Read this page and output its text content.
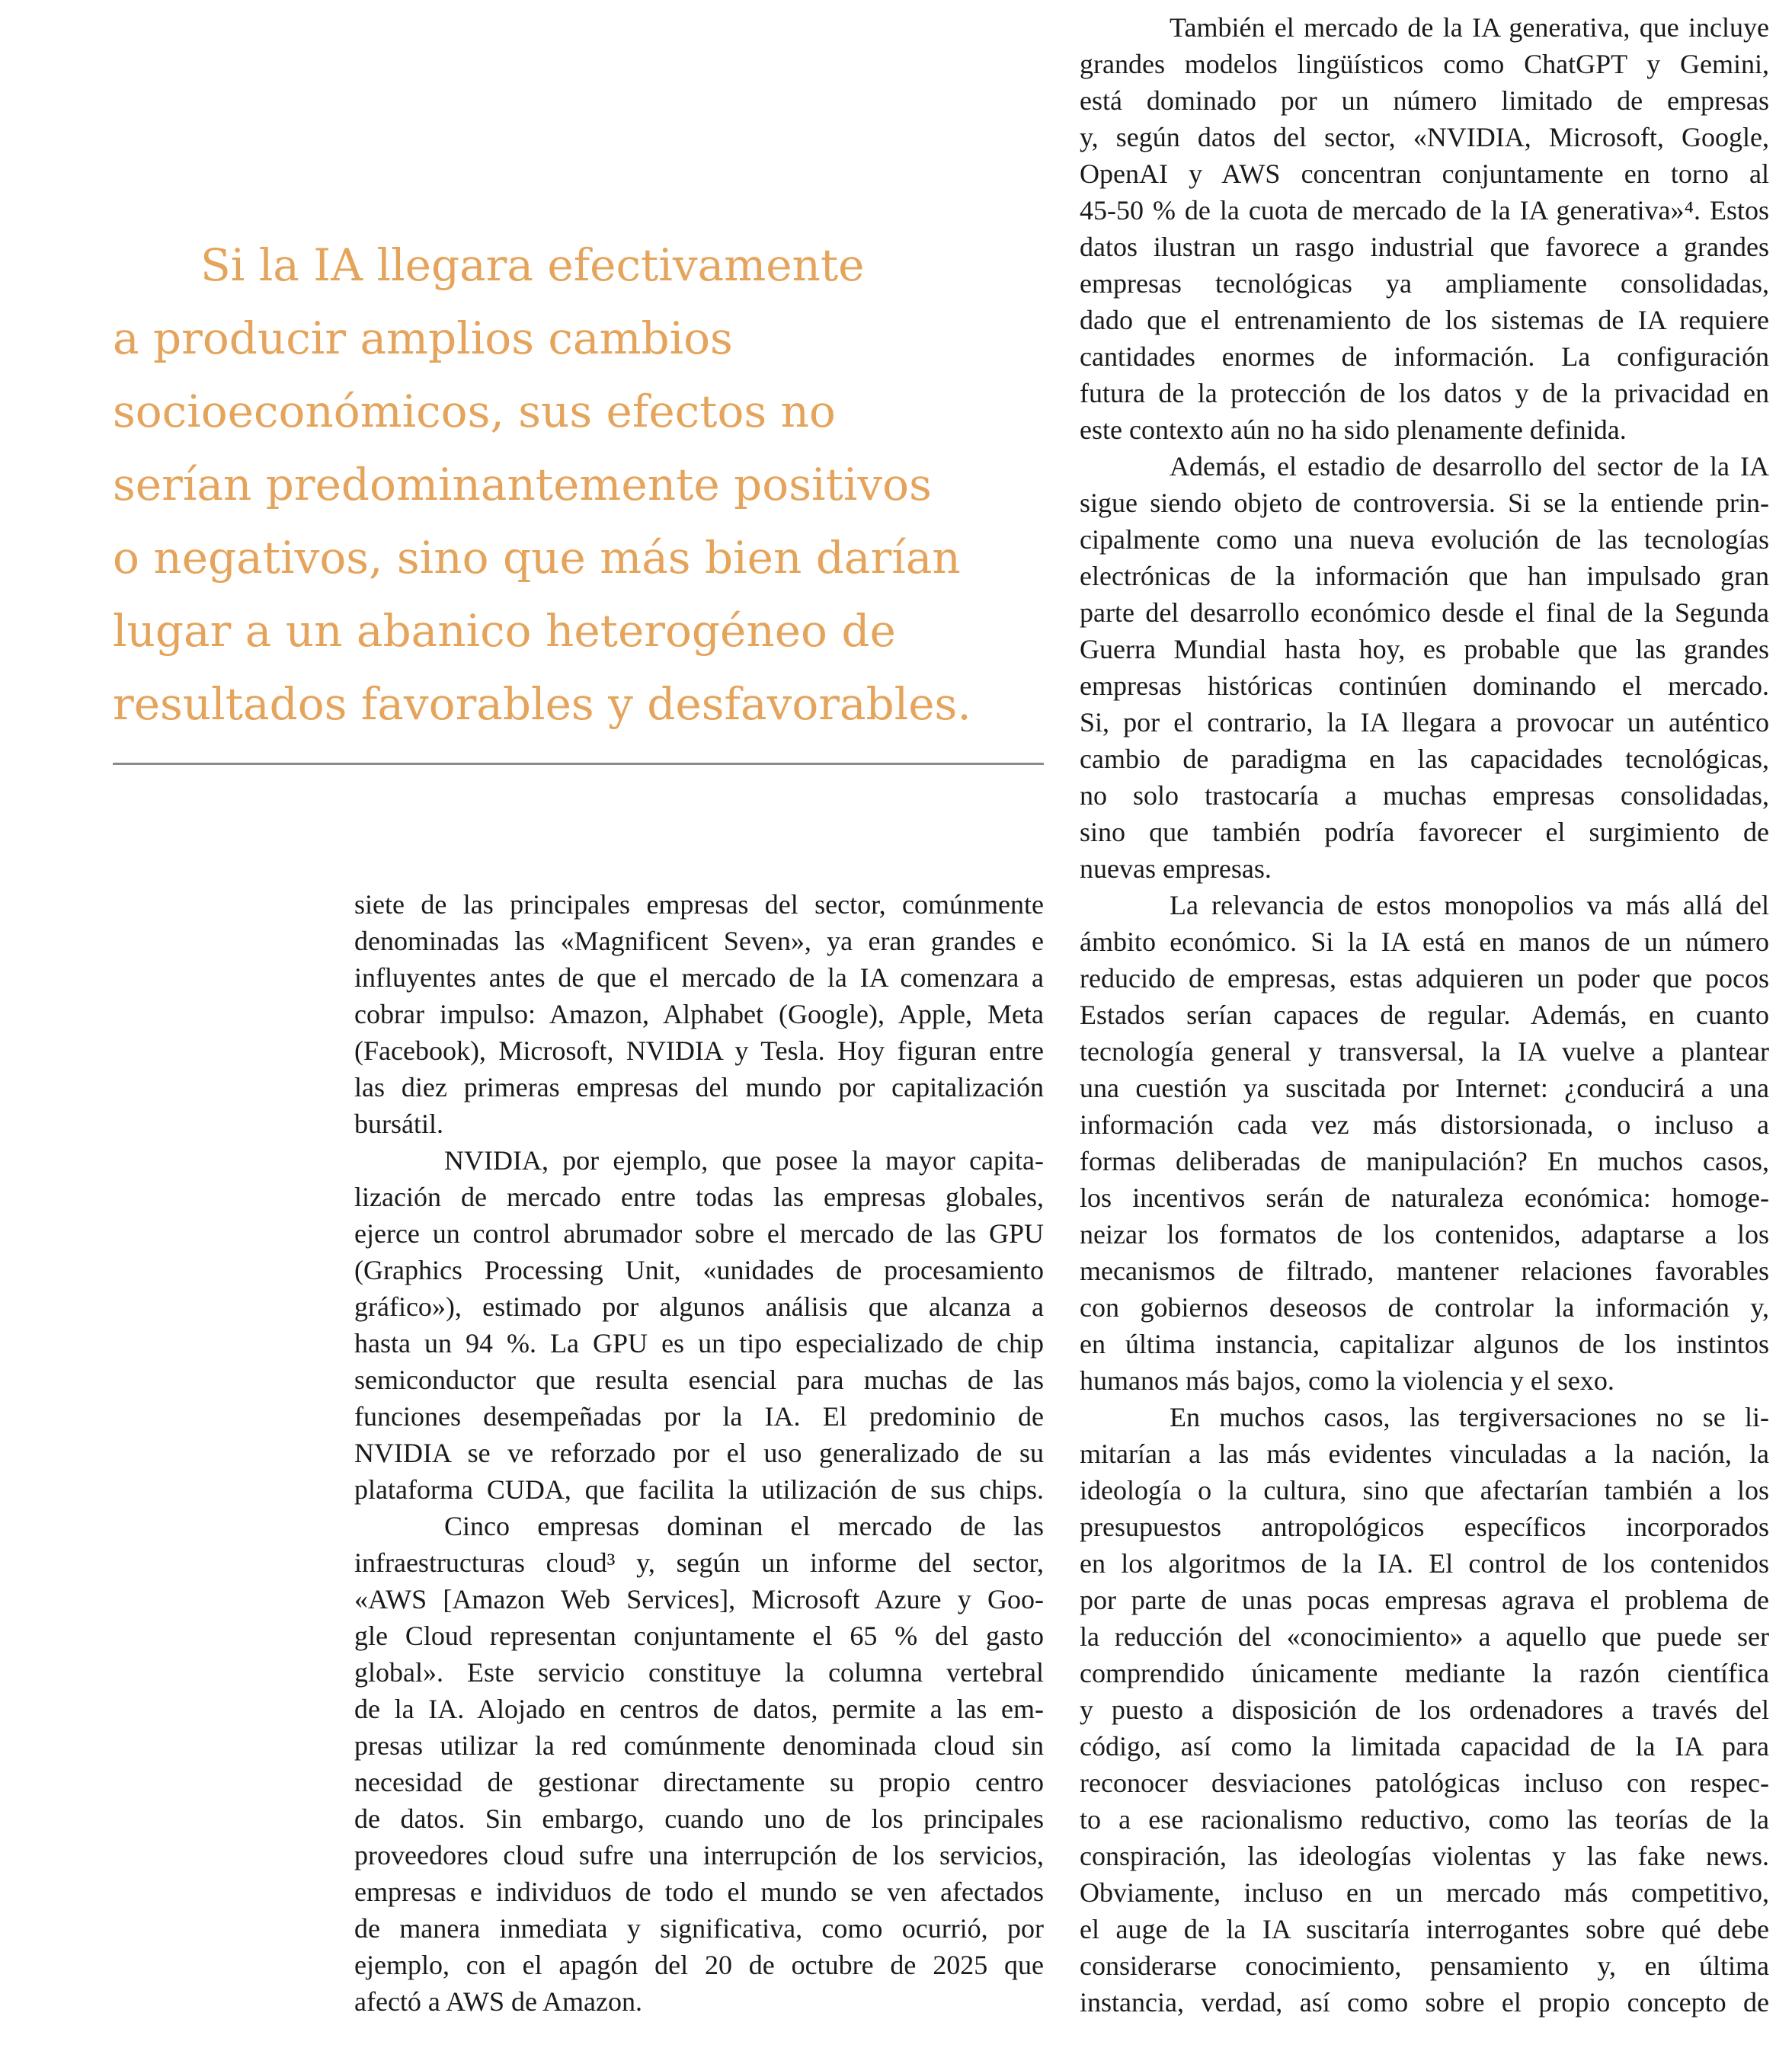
Si la IA llegara efectivamente
a producir amplios cambios
socioeconómicos, sus efectos no
serían predominantemente positivos
o negativos, sino que más bien darían
lugar a un abanico heterogéneo de
resultados favorables y desfavorables.
siete de las principales empresas del sector, comúnmente
denominadas las «Magnificent Seven», ya eran grandes e
influyentes antes de que el mercado de la IA comenzara a
cobrar impulso: Amazon, Alphabet (Google), Apple, Meta
(Facebook), Microsoft, NVIDIA y Tesla. Hoy figuran entre
las diez primeras empresas del mundo por capitalización
bursátil.
NVIDIA, por ejemplo, que posee la mayor capita-
lización de mercado entre todas las empresas globales,
ejerce un control abrumador sobre el mercado de las GPU
(Graphics Processing Unit, «unidades de procesamiento
gráfico»), estimado por algunos análisis que alcanza a
hasta un 94 %. La GPU es un tipo especializado de chip
semiconductor que resulta esencial para muchas de las
funciones desempeñadas por la IA. El predominio de
NVIDIA se ve reforzado por el uso generalizado de su
plataforma CUDA, que facilita la utilización de sus chips.
Cinco empresas dominan el mercado de las
infraestructuras cloud³ y, según un informe del sector,
«AWS [Amazon Web Services], Microsoft Azure y Goo-
gle Cloud representan conjuntamente el 65 % del gasto
global». Este servicio constituye la columna vertebral
de la IA. Alojado en centros de datos, permite a las em-
presas utilizar la red comúnmente denominada cloud sin
necesidad de gestionar directamente su propio centro
de datos. Sin embargo, cuando uno de los principales
proveedores cloud sufre una interrupción de los servicios,
empresas e individuos de todo el mundo se ven afectados
de manera inmediata y significativa, como ocurrió, por
ejemplo, con el apagón del 20 de octubre de 2025 que
afectó a AWS de Amazon.
También el mercado de la IA generativa, que incluye
grandes modelos lingüísticos como ChatGPT y Gemini,
está dominado por un número limitado de empresas
y, según datos del sector, «NVIDIA, Microsoft, Google,
OpenAI y AWS concentran conjuntamente en torno al
45-50 % de la cuota de mercado de la IA generativa»⁴. Estos
datos ilustran un rasgo industrial que favorece a grandes
empresas tecnológicas ya ampliamente consolidadas,
dado que el entrenamiento de los sistemas de IA requiere
cantidades enormes de información. La configuración
futura de la protección de los datos y de la privacidad en
este contexto aún no ha sido plenamente definida.
Además, el estadio de desarrollo del sector de la IA
sigue siendo objeto de controversia. Si se la entiende prin-
cipalmente como una nueva evolución de las tecnologías
electrónicas de la información que han impulsado gran
parte del desarrollo económico desde el final de la Segunda
Guerra Mundial hasta hoy, es probable que las grandes
empresas históricas continúen dominando el mercado.
Si, por el contrario, la IA llegara a provocar un auténtico
cambio de paradigma en las capacidades tecnológicas,
no solo trastocaría a muchas empresas consolidadas,
sino que también podría favorecer el surgimiento de
nuevas empresas.
La relevancia de estos monopolios va más allá del
ámbito económico. Si la IA está en manos de un número
reducido de empresas, estas adquieren un poder que pocos
Estados serían capaces de regular. Además, en cuanto
tecnología general y transversal, la IA vuelve a plantear
una cuestión ya suscitada por Internet: ¿conducirá a una
información cada vez más distorsionada, o incluso a
formas deliberadas de manipulación? En muchos casos,
los incentivos serán de naturaleza económica: homoge-
neizar los formatos de los contenidos, adaptarse a los
mecanismos de filtrado, mantener relaciones favorables
con gobiernos deseosos de controlar la información y,
en última instancia, capitalizar algunos de los instintos
humanos más bajos, como la violencia y el sexo.
En muchos casos, las tergiversaciones no se li-
mitarían a las más evidentes vinculadas a la nación, la
ideología o la cultura, sino que afectarían también a los
presupuestos antropológicos específicos incorporados
en los algoritmos de la IA. El control de los contenidos
por parte de unas pocas empresas agrava el problema de
la reducción del «conocimiento» a aquello que puede ser
comprendido únicamente mediante la razón científica
y puesto a disposición de los ordenadores a través del
código, así como la limitada capacidad de la IA para
reconocer desviaciones patológicas incluso con respec-
to a ese racionalismo reductivo, como las teorías de la
conspiración, las ideologías violentas y las fake news.
Obviamente, incluso en un mercado más competitivo,
el auge de la IA suscitaría interrogantes sobre qué debe
considerarse conocimiento, pensamiento y, en última
instancia, verdad, así como sobre el propio concepto de
